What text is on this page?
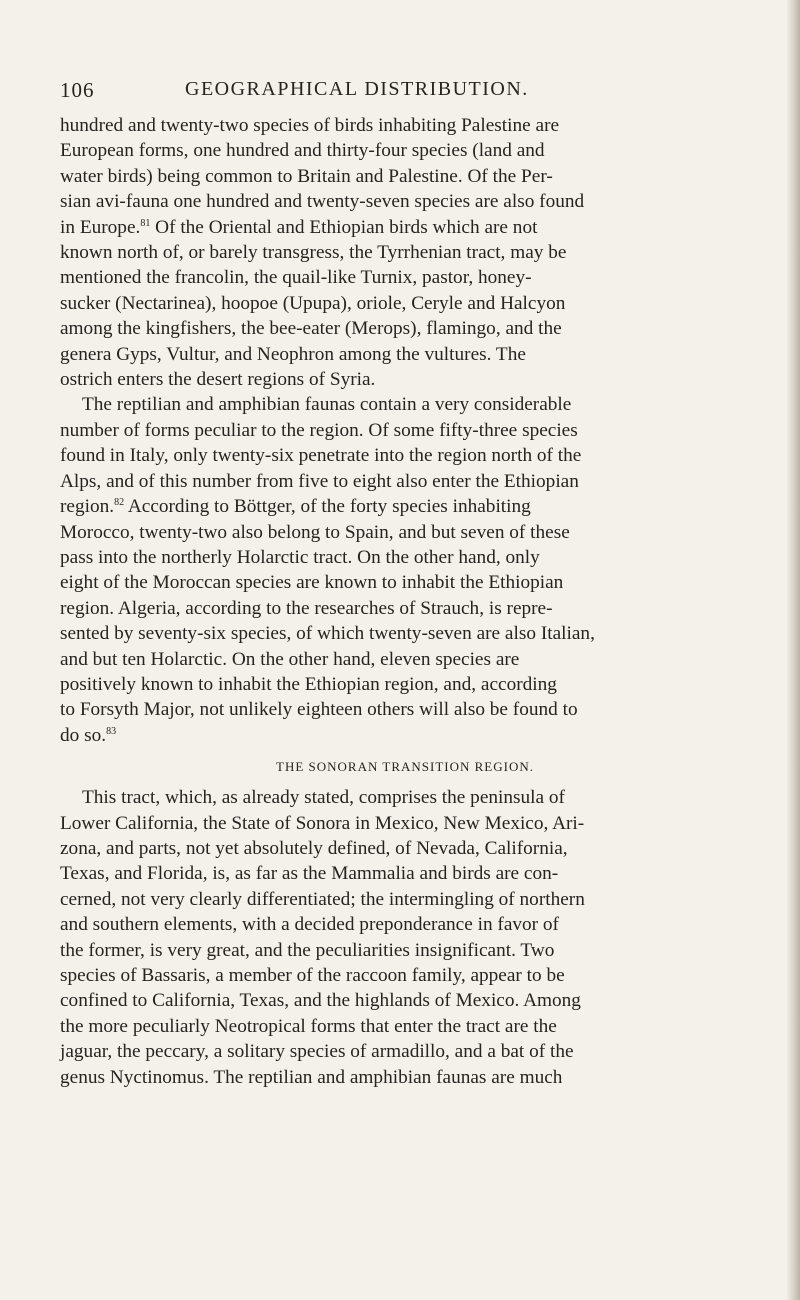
106	GEOGRAPHICAL DISTRIBUTION.
hundred and twenty-two species of birds inhabiting Palestine are
European forms, one hundred and thirty-four species (land and
water birds) being common to Britain and Palestine. Of the Per-
sian avi-fauna one hundred and twenty-seven species are also found
in Europe.$^{81}$ Of the Oriental and Ethiopian birds which are not
known north of, or barely transgress, the Tyrrhenian tract, may be
mentioned the francolin, the quail-like Turnix, pastor, honey-
sucker (Nectarinea), hoopoe (Upupa), oriole, Ceryle and Halcyon
among the kingfishers, the bee-eater (Merops), flamingo, and the
genera Gyps, Vultur, and Neophron among the vultures. The
ostrich enters the desert regions of Syria.
The reptilian and amphibian faunas contain a very considerable
number of forms peculiar to the region. Of some fifty-three species
found in Italy, only twenty-six penetrate into the region north of the
Alps, and of this number from five to eight also enter the Ethiopian
region.$^{82}$ According to Böttger, of the forty species inhabiting
Morocco, twenty-two also belong to Spain, and but seven of these
pass into the northerly Holarctic tract. On the other hand, only
eight of the Moroccan species are known to inhabit the Ethiopian
region. Algeria, according to the researches of Strauch, is repre-
sented by seventy-six species, of which twenty-seven are also Italian,
and but ten Holarctic. On the other hand, eleven species are
positively known to inhabit the Ethiopian region, and, according
to Forsyth Major, not unlikely eighteen others will also be found to
do so.$^{83}$
THE SONORAN TRANSITION REGION.
This tract, which, as already stated, comprises the peninsula of
Lower California, the State of Sonora in Mexico, New Mexico, Ari-
zona, and parts, not yet absolutely defined, of Nevada, California,
Texas, and Florida, is, as far as the Mammalia and birds are con-
cerned, not very clearly differentiated; the intermingling of northern
and southern elements, with a decided preponderance in favor of
the former, is very great, and the peculiarities insignificant. Two
species of Bassaris, a member of the raccoon family, appear to be
confined to California, Texas, and the highlands of Mexico. Among
the more peculiarly Neotropical forms that enter the tract are the
jaguar, the peccary, a solitary species of armadillo, and a bat of the
genus Nyctinomus. The reptilian and amphibian faunas are much
